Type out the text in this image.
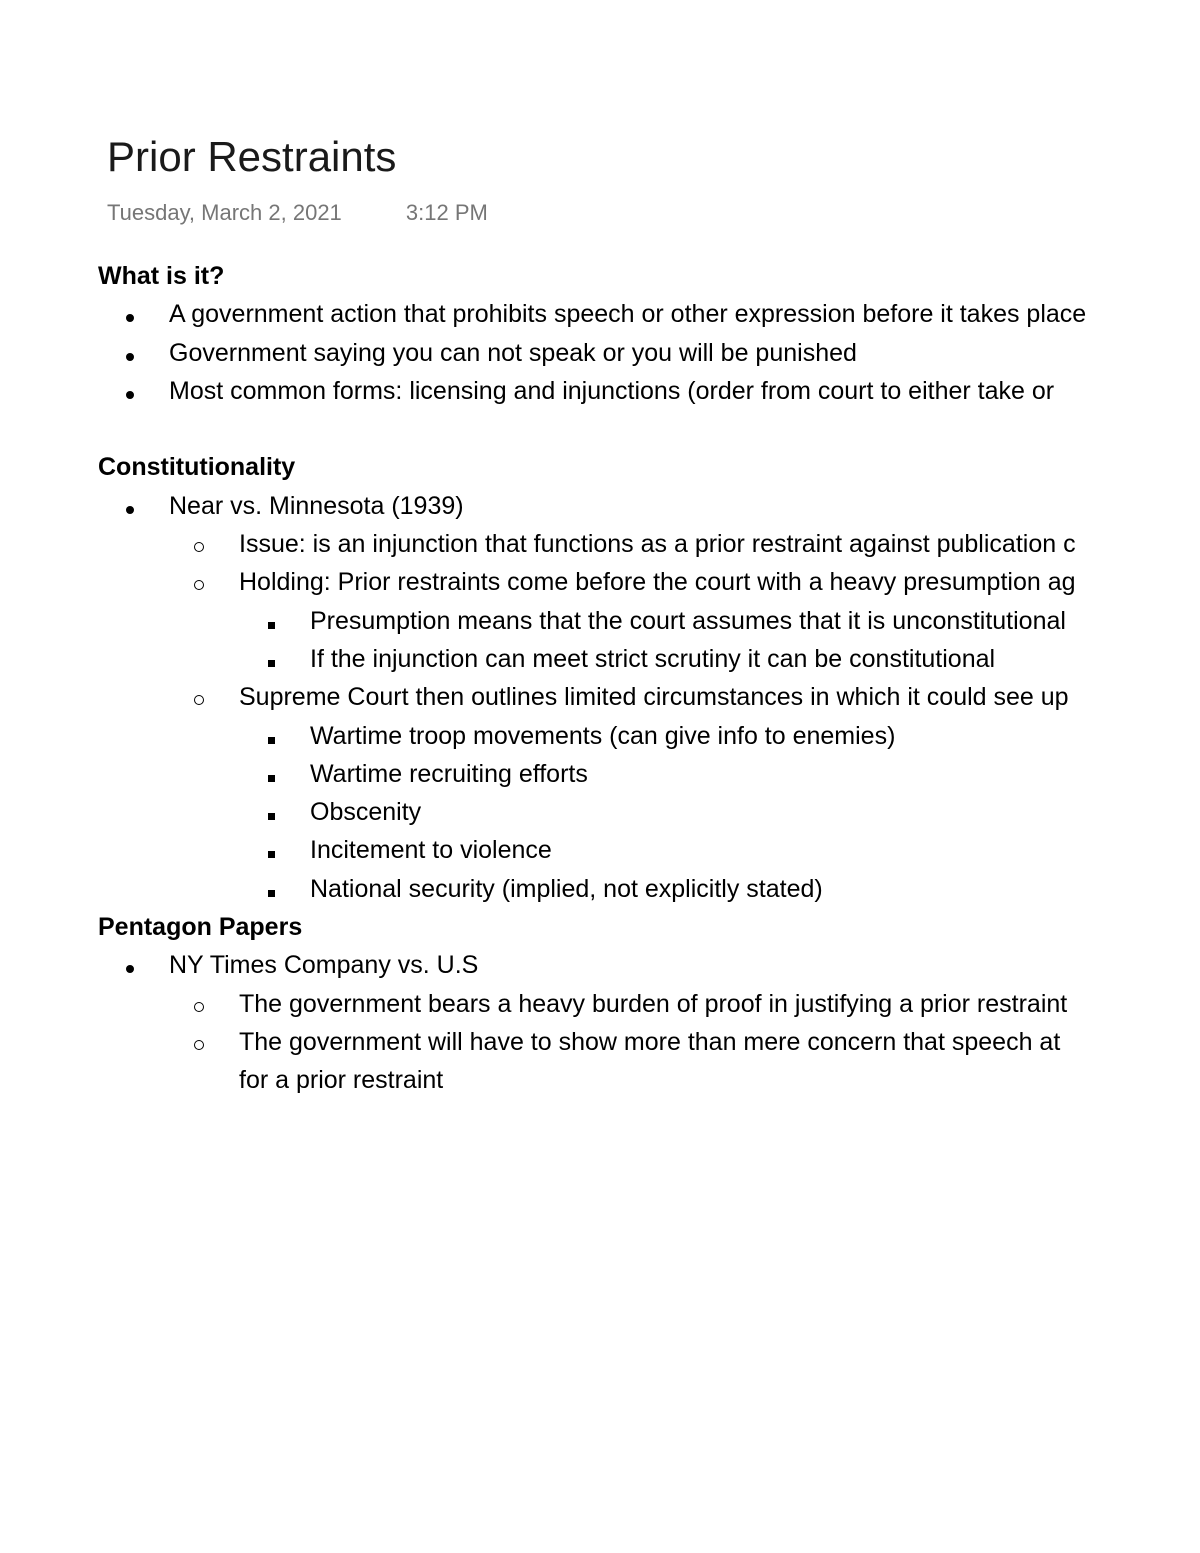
Prior Restraints
Tuesday, March 2, 2021	3:12 PM
What is it?
A government action that prohibits speech or other expression before it takes place
Government saying you can not speak or you will be punished
Most common forms: licensing and injunctions (order from court to either take or
Constitutionality
Near vs. Minnesota (1939)
Issue: is an injunction that functions as a prior restraint against publication c
Holding: Prior restraints come before the court with a heavy presumption ag
Presumption means that the court assumes that it is unconstitutional
If the injunction can meet strict scrutiny it can be constitutional
Supreme Court then outlines limited circumstances in which it could see up
Wartime troop movements (can give info to enemies)
Wartime recruiting efforts
Obscenity
Incitement to violence
National security (implied, not explicitly stated)
Pentagon Papers
NY Times Company vs. U.S
The government bears a heavy burden of proof in justifying a prior restraint
The government will have to show more than mere concern that speech at
for a prior restraint
